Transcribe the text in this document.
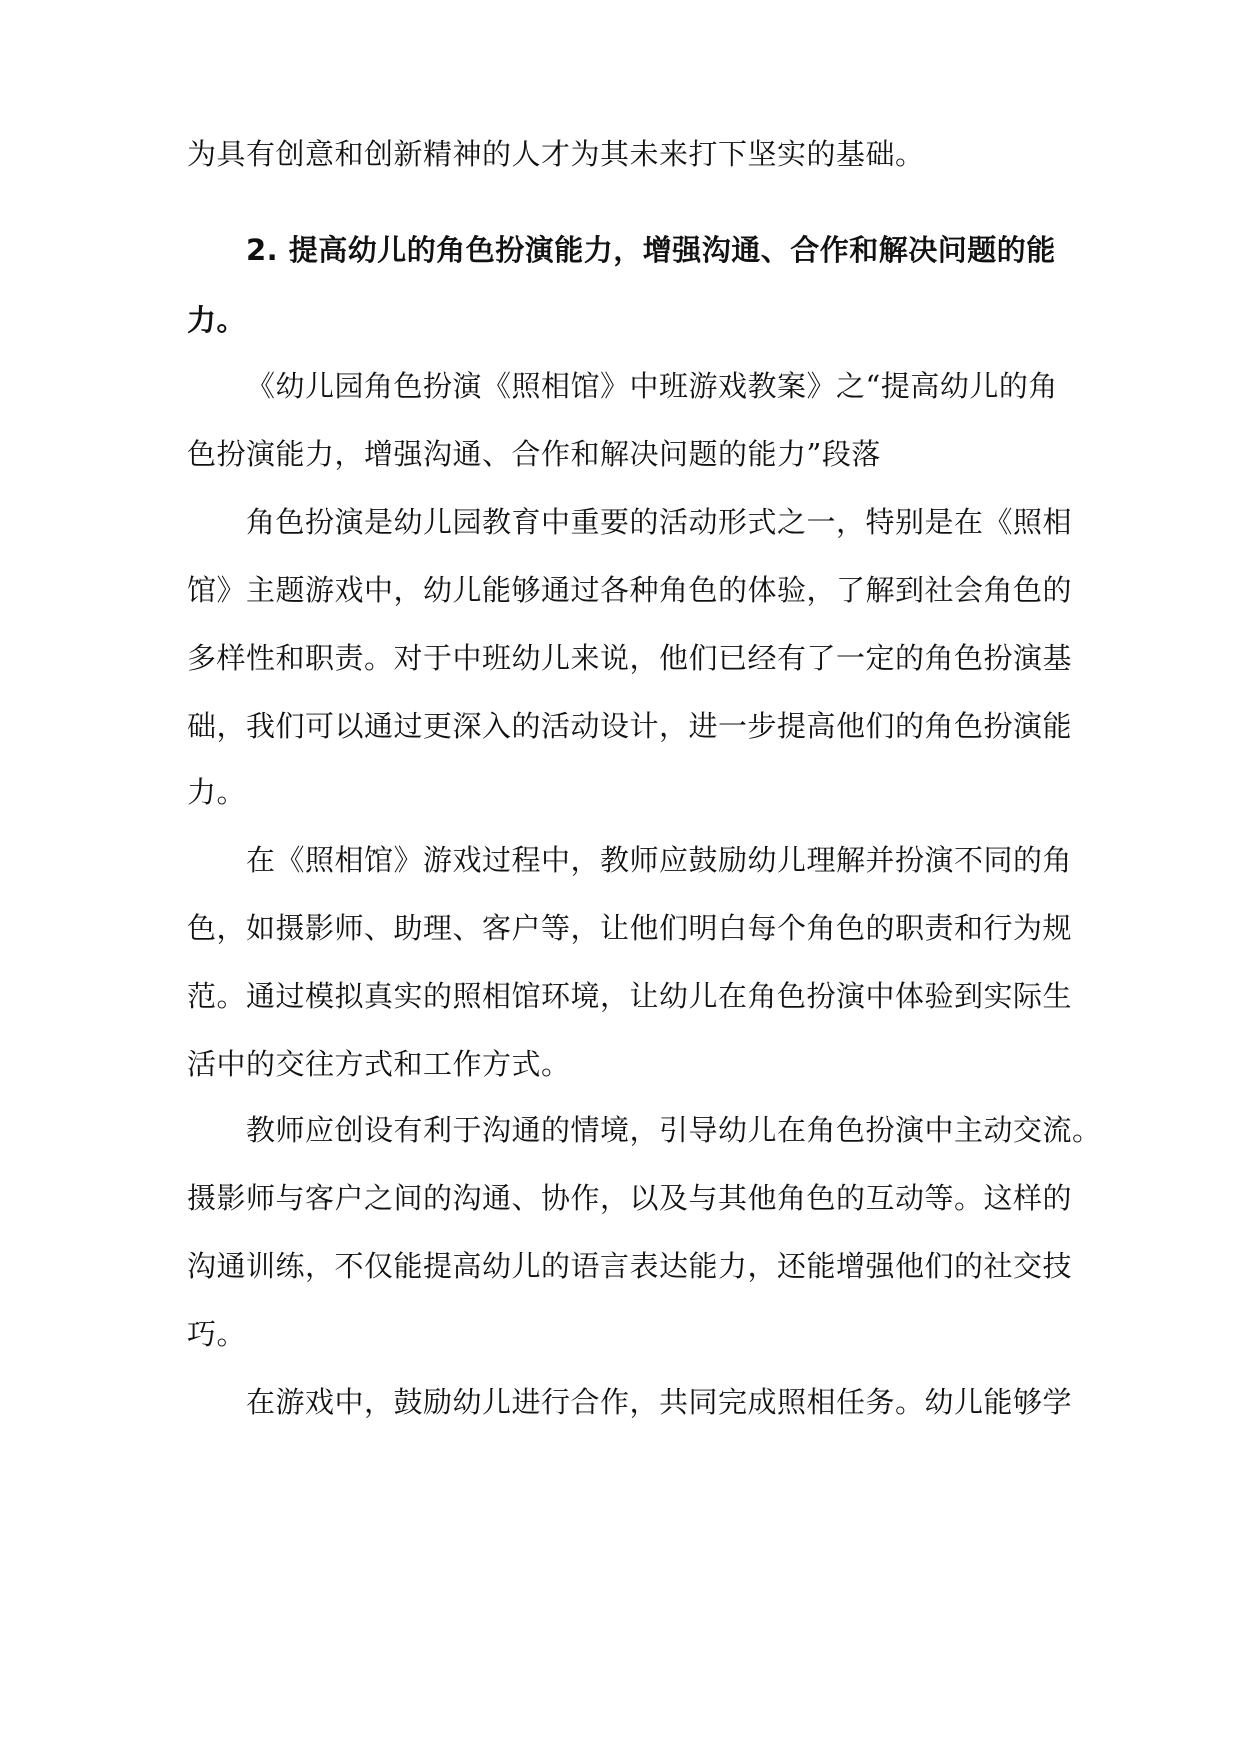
为具有创意和创新精神的人才为其未来打下坚实的基础。

2. 提高幼儿的角色扮演能力，增强沟通、合作和解决问题的能

力。

《幼儿园角色扮演《照相馆》中班游戏教案》之“提高幼儿的角

色扮演能力，增强沟通、合作和解决问题的能力”段落

角色扮演是幼儿园教育中重要的活动形式之一，特别是在《照相

馆》主题游戏中，幼儿能够通过各种角色的体验，了解到社会角色的

多样性和职责。对于中班幼儿来说，他们已经有了一定的角色扮演基

础，我们可以通过更深入的活动设计，进一步提高他们的角色扮演能

力。

在《照相馆》游戏过程中，教师应鼓励幼儿理解并扮演不同的角

色，如摄影师、助理、客户等，让他们明白每个角色的职责和行为规

范。通过模拟真实的照相馆环境，让幼儿在角色扮演中体验到实际生

活中的交往方式和工作方式。

教师应创设有利于沟通的情境，引导幼儿在角色扮演中主动交流。

摄影师与客户之间的沟通、协作，以及与其他角色的互动等。这样的

沟通训练，不仅能提高幼儿的语言表达能力，还能增强他们的社交技

巧。

在游戏中，鼓励幼儿进行合作，共同完成照相任务。幼儿能够学
